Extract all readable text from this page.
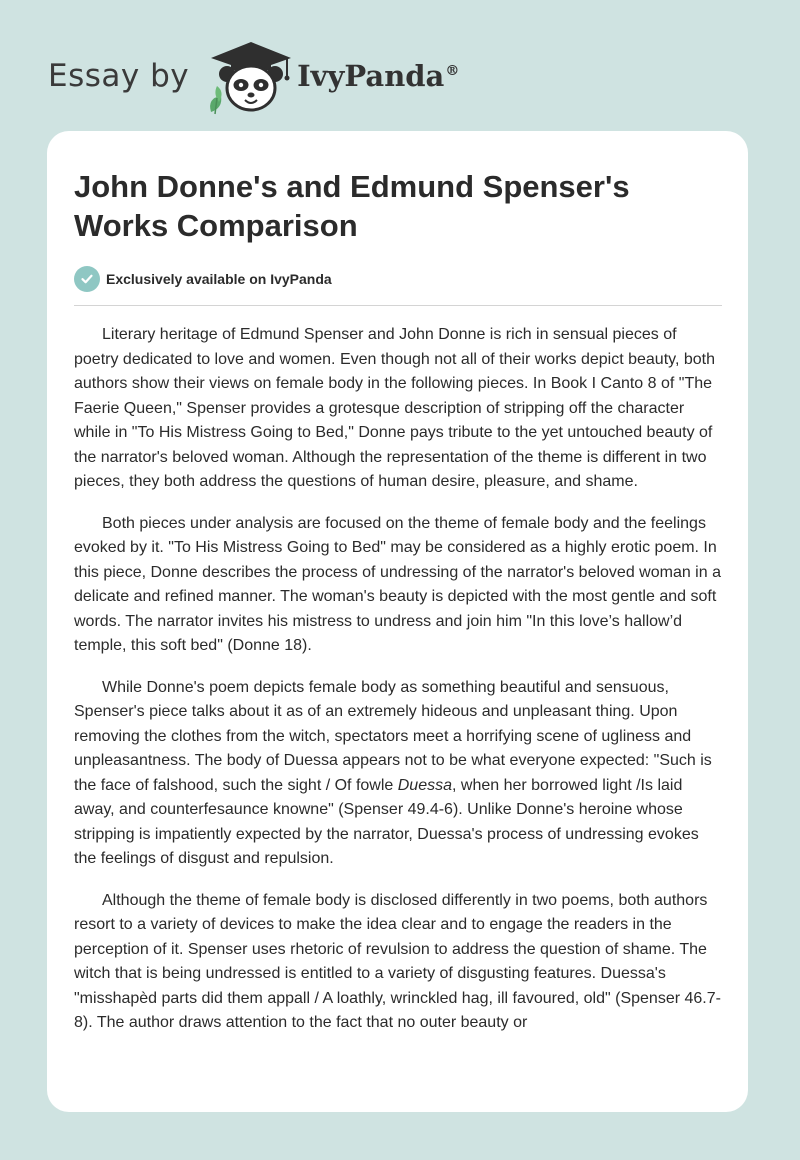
Essay by	IvyPanda®
John Donne's and Edmund Spenser's Works Comparison
Exclusively available on IvyPanda

Literary heritage of Edmund Spenser and John Donne is rich in sensual pieces of poetry dedicated to love and women. Even though not all of their works depict beauty, both authors show their views on female body in the following pieces. In Book I Canto 8 of "The Faerie Queen," Spenser provides a grotesque description of stripping off the character while in "To His Mistress Going to Bed," Donne pays tribute to the yet untouched beauty of the narrator's beloved woman. Although the representation of the theme is different in two pieces, they both address the questions of human desire, pleasure, and shame.

Both pieces under analysis are focused on the theme of female body and the feelings evoked by it. "To His Mistress Going to Bed" may be considered as a highly erotic poem. In this piece, Donne describes the process of undressing of the narrator's beloved woman in a delicate and refined manner. The woman's beauty is depicted with the most gentle and soft words. The narrator invites his mistress to undress and join him "In this love’s hallow’d temple, this soft bed" (Donne 18).

While Donne's poem depicts female body as something beautiful and sensuous, Spenser's piece talks about it as of an extremely hideous and unpleasant thing. Upon removing the clothes from the witch, spectators meet a horrifying scene of ugliness and unpleasantness. The body of Duessa appears not to be what everyone expected: "Such is the face of falshood, such the sight / Of fowle Duessa, when her borrowed light /Is laid away, and counterfesaunce knowne" (Spenser 49.4-6). Unlike Donne's heroine whose stripping is impatiently expected by the narrator, Duessa's process of undressing evokes the feelings of disgust and repulsion.

Although the theme of female body is disclosed differently in two poems, both authors resort to a variety of devices to make the idea clear and to engage the readers in the perception of it. Spenser uses rhetoric of revulsion to address the question of shame. The witch that is being undressed is entitled to a variety of disgusting features. Duessa's "misshapèd parts did them appall / A loathly, wrinckled hag, ill favoured, old" (Spenser 46.7-8). The author draws attention to the fact that no outer beauty or
